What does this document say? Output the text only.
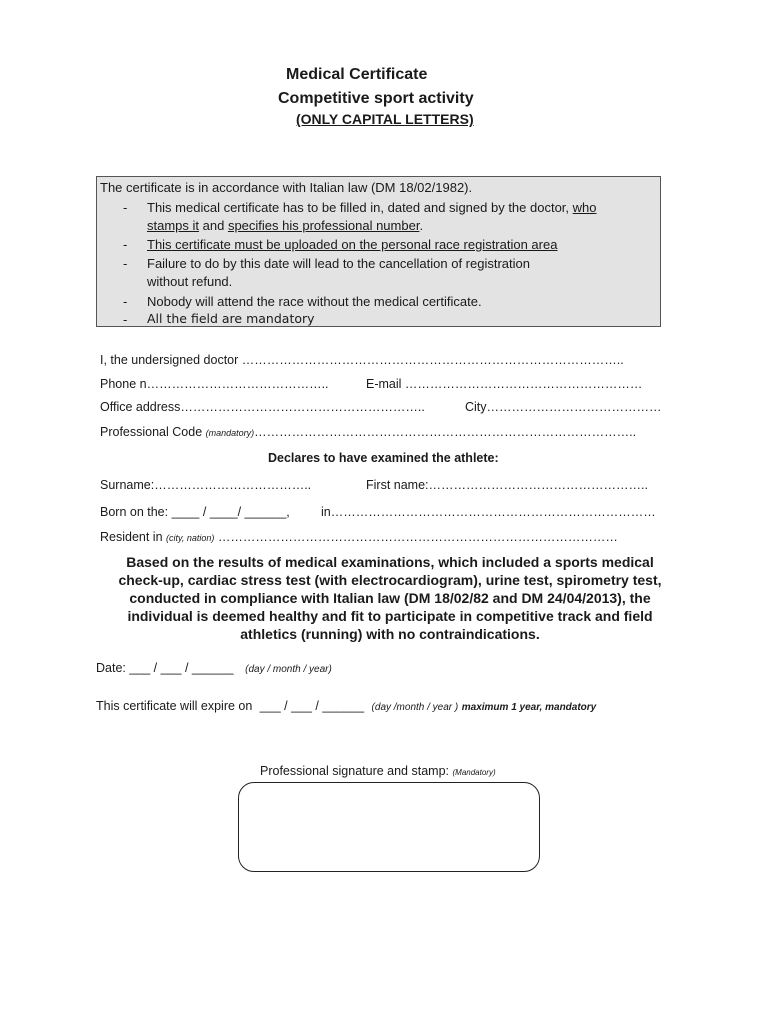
Medical Certificate
Competitive sport activity
(ONLY CAPITAL LETTERS)
The certificate is in accordance with Italian law (DM 18/02/1982).
- This medical certificate has to be filled in, dated and signed by the doctor, who
stamps it and specifies his professional number.
- This certificate must be uploaded on the personal race registration area
- Failure to do by this date will lead to the cancellation of registration
without refund.
- Nobody will attend the race without the medical certificate.
- All the field are mandatory
I, the undersigned doctor ………………………………………………………………………………..
Phone n……………………………………..	E-mail …………………………………………………
Office address…………………………………………………..	City……………………………………
Professional Code (mandatory)………………………………………………………………………………..
Declares to have examined the athlete:
Surname:………………………………..	First name:……………………………………………..
Born on the: ____ / ____/ ______,	in……………………………………………………………………
Resident in (city, nation) ……………………………………………………………………………………
Based on the results of medical examinations, which included a sports medical
check-up, cardiac stress test (with electrocardiogram), urine test, spirometry test,
conducted in compliance with Italian law (DM 18/02/82 and DM 24/04/2013), the
individual is deemed healthy and fit to participate in competitive track and field
athletics (running) with no contraindications.
Date: ___ / ___ / ______ (day / month / year)
This certificate will expire on ___ / ___ / ______ (day /month / year ) maximum 1 year, mandatory
Professional signature and stamp: (Mandatory)
